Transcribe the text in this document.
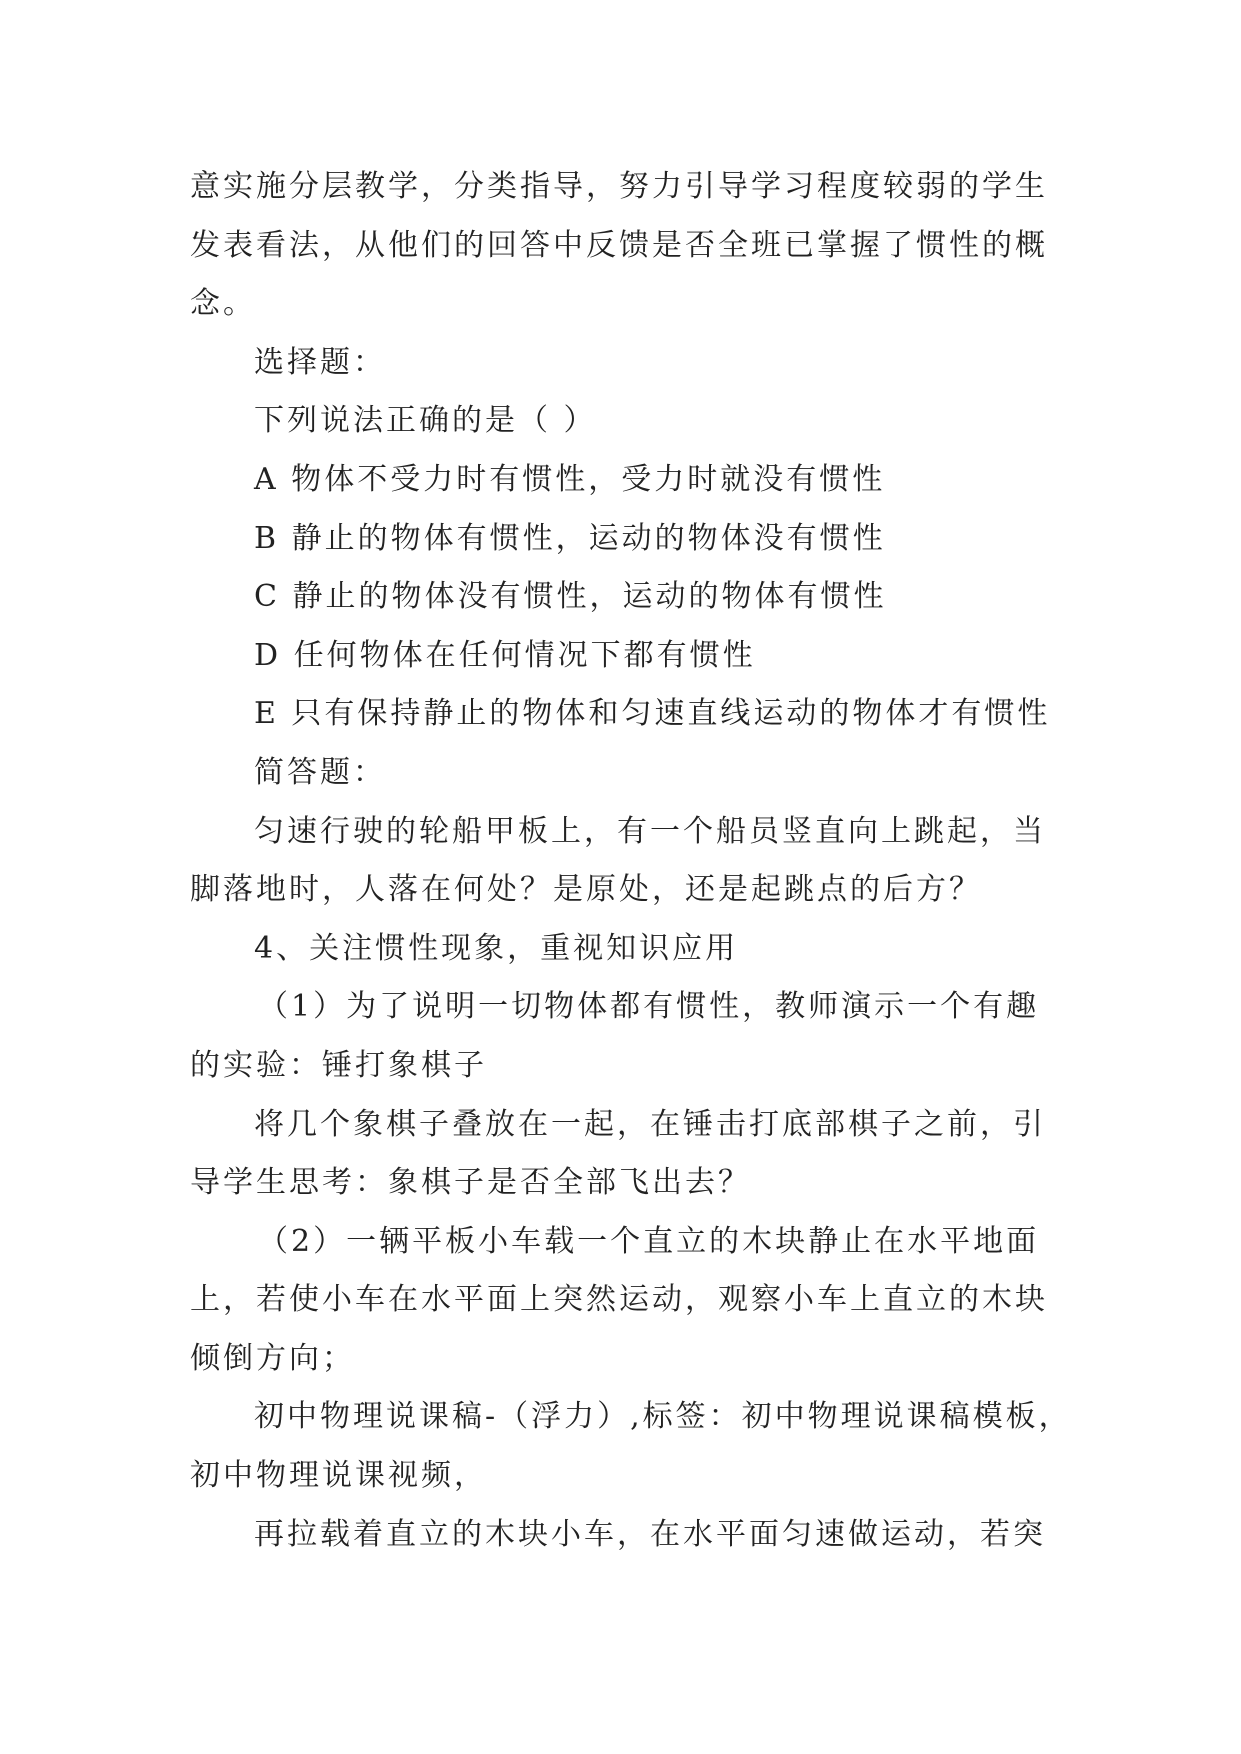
意实施分层教学，分类指导，努力引导学习程度较弱的学生
发表看法，从他们的回答中反馈是否全班已掌握了惯性的概
念。
选择题：
下列说法正确的是（ ）
A 物体不受力时有惯性，受力时就没有惯性
B 静止的物体有惯性，运动的物体没有惯性
C 静止的物体没有惯性，运动的物体有惯性
D 任何物体在任何情况下都有惯性
E 只有保持静止的物体和匀速直线运动的物体才有惯性
简答题：
匀速行驶的轮船甲板上，有一个船员竖直向上跳起，当
脚落地时，人落在何处？是原处，还是起跳点的后方？
4、关注惯性现象，重视知识应用
（1）为了说明一切物体都有惯性，教师演示一个有趣
的实验：锤打象棋子
将几个象棋子叠放在一起，在锤击打底部棋子之前，引
导学生思考：象棋子是否全部飞出去？
（2）一辆平板小车载一个直立的木块静止在水平地面
上，若使小车在水平面上突然运动，观察小车上直立的木块
倾倒方向；
初中物理说课稿-（浮力）,标签：初中物理说课稿模板，
初中物理说课视频，
再拉载着直立的木块小车，在水平面匀速做运动，若突
